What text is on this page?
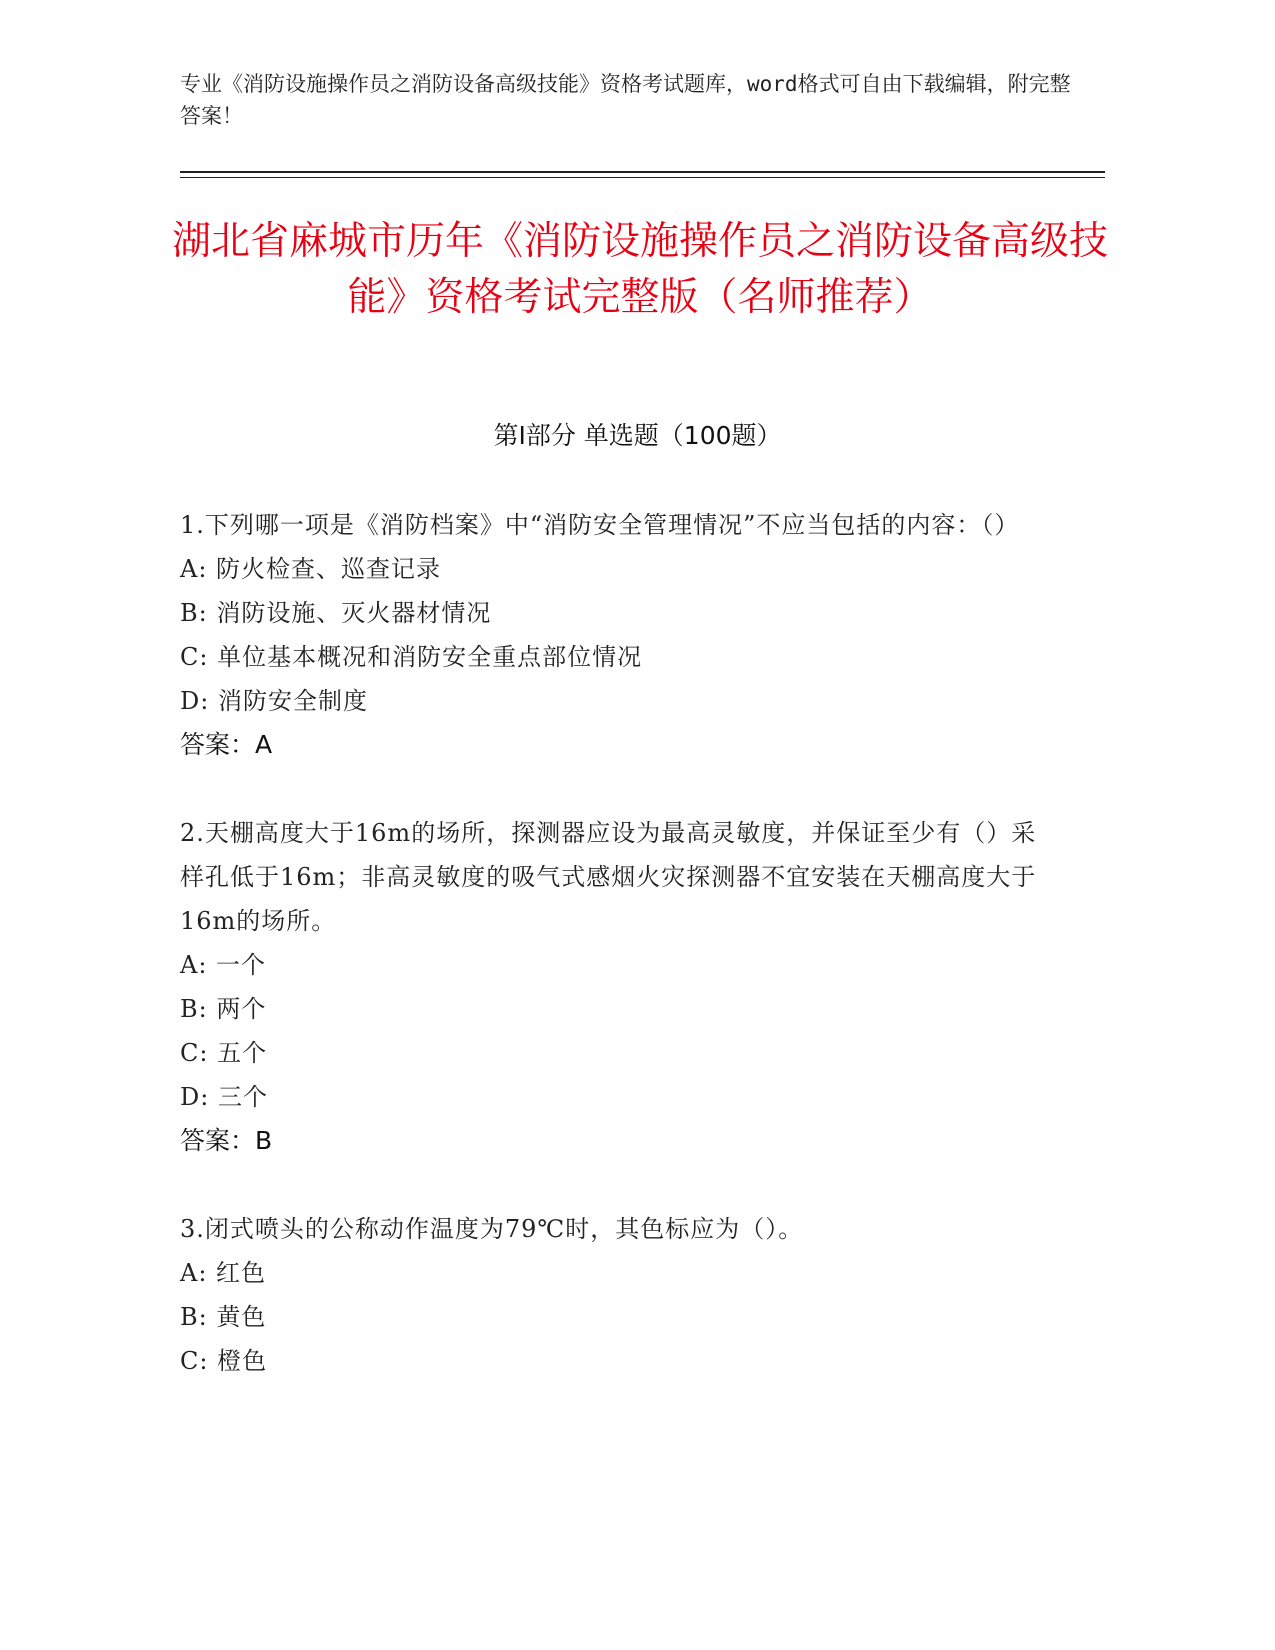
专业《消防设施操作员之消防设备高级技能》资格考试题库，word格式可自由下载编辑，附完整答案！
湖北省麻城市历年《消防设施操作员之消防设备高级技能》资格考试完整版（名师推荐）
第I部分 单选题（100题）

1.下列哪一项是《消防档案》中“消防安全管理情况”不应当包括的内容：（）

A: 防火检查、巡查记录

B: 消防设施、灭火器材情况

C: 单位基本概况和消防安全重点部位情况

D: 消防安全制度

答案：A

2.天棚高度大于16m的场所，探测器应设为最高灵敏度，并保证至少有（）采样孔低于16m；非高灵敏度的吸气式感烟火灾探测器不宜安装在天棚高度大于16m的场所。

A: 一个

B: 两个

C: 五个

D: 三个

答案：B

3.闭式喷头的公称动作温度为79℃时，其色标应为（）。

A: 红色

B: 黄色

C: 橙色
